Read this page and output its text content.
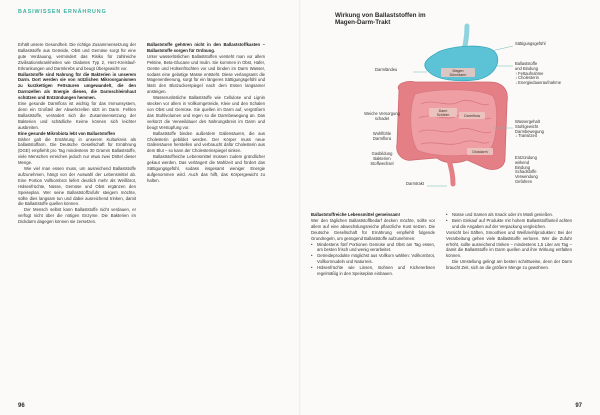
BASIWISSEN ERNÄHRUNG

Erhält unsere Gesundheit. Die richtige Zusammensetzung der Ballaststoffe aus Getreide, Obst und Gemüse sorgt für eine gute Verdauung, vermindert das Risiko für zahlreiche Zivilisationskrankheiten wie Diabetes Typ 2, Herz-Kreislauf-Erkrankungen und Darmkrebs und beugt Übergewicht vor.

Ballaststoffe sind Nahrung für die Bakterien in unserem Darm. Dort werden sie von nützlichen Mikroorganismen zu kurzkettigen Fettsäuren umgewandelt, die den Darmzellen als Energie dienen, die Darmschleimhaut schützen und Entzündungen hemmen.

Eine gesunde Darmflora ist wichtig für das Immunsystem, denn ein Großteil der Abwehrzellen sitzt im Darm. Fehlen Ballaststoffe, verändert sich die Zusammensetzung der Bakterien und schädliche Keime können sich leichter ausbreiten.

Eine gesunde Mikrobiota lebt von Ballaststoffen

Bisher galt die Ernährung in unserem Kulturkreis als ballaststoffarm. Die Deutsche Gesellschaft für Ernährung (DGE) empfiehlt pro Tag mindestens 30 Gramm Ballaststoffe, viele Menschen erreichen jedoch nur etwa zwei Drittel dieser Menge.

Wie viel man essen muss, um ausreichend Ballaststoffe aufzunehmen, hängt von der Auswahl der Lebensmittel ab. Eine Portion Vollkornbrot liefert deutlich mehr als Weißbrot, Hülsenfrüchte, Nüsse, Gemüse und Obst ergänzen den Speiseplan. Wer seine Ballaststoffzufuhr steigern möchte, sollte dies langsam tun und dabei ausreichend trinken, damit die Ballaststoffe quellen können.

Der Mensch selbst kann Ballaststoffe nicht verdauen, er verfügt nicht über die nötigen Enzyme. Die Bakterien im Dickdarm dagegen können sie zersetzen.

Ballaststoffe gehören nicht in den Ballaststoffkasten – Ballaststoffe sorgen für Ordnung.

Unter wasserlöslichen Ballaststoffen versteht man vor allem Pektine, Beta-Glucane und Inulin. Sie kommen in Obst, Hafer, Gerste und Hülsenfrüchten vor und binden im Darm Wasser, sodass eine gelartige Masse entsteht. Diese verlangsamt die Magenentleerung, sorgt für ein längeres Sättigungsgefühl und lässt den Blutzuckerspiegel nach dem Essen langsamer ansteigen.

Wasserunlösliche Ballaststoffe wie Cellulose und Lignin stecken vor allem in Vollkorngetreide, Kleie und den Schalen von Obst und Gemüse. Sie quellen im Darm auf, vergrößern das Stuhlvolumen und regen so die Darmbewegung an. Das verkürzt die Verweildauer des Nahrungsbreis im Darm und beugt Verstopfung vor.

Ballaststoffe binden außerdem Gallensäuren, die aus Cholesterin gebildet werden. Der Körper muss neue Gallensäuren herstellen und verbraucht dafür Cholesterin aus dem Blut – so kann der Cholesterinspiegel sinken.

Ballaststoffreiche Lebensmittel müssen zudem gründlicher gekaut werden. Das verlängert die Mahlzeit und fördert das Sättigungsgefühl, sodass insgesamt weniger Energie aufgenommen wird. Auch das hilft, das Körpergewicht zu halten.

96
Wirkung von Ballaststoffen im
Magen-Darm-Trakt
Sättigungsgefühl
Ballaststoffe
und Bindung
↑ Fettaufnahme
↓ Cholesterin
↓ Energiedaueraufnahme
Wassergehalt
Stuhlgewicht
Darmbewegung
↓ Transitzeit
Darmländeu
Weiche Versorgung
schadet
Wohlfühle
Darmflora
Gasbildung
Bakterien
Stoffwechsel
Darmtrakt
Entzündung
wirkend
Bindung
Schadstoffe
Verwendung
Gefahren
Magen
Dünndarm
Darm
Schleim	Darmflora
Dickdarm

Ballaststoffreiche Lebensmittel gemeinsam!

Wer den täglichen Ballaststoffbedarf decken möchte, sollte vor allem auf eine abwechslungsreiche pflanzliche Kost setzen. Die Deutsche Gesellschaft für Ernährung empfiehlt folgende Grundregeln, um genügend Ballaststoffe aufzunehmen:

• Mindestens fünf Portionen Gemüse und Obst am Tag essen, am besten frisch und wenig verarbeitet.
• Getreideprodukte möglichst aus Vollkorn wählen: Vollkornbrot, Vollkornnudeln und Naturreis.
• Hülsenfrüchte wie Linsen, Bohnen und Kichererbsen regelmäßig in den Speiseplan einbauen.
• Nüsse und Samen als Snack oder im Müsli genießen.
• Beim Einkauf auf Produkte mit hohem Ballaststoffanteil achten und die Angaben auf der Verpackung vergleichen.

Vorsicht bei Säften, Smoothies und Weißmehlprodukten: Bei der Verarbeitung gehen viele Ballaststoffe verloren. Wer die Zufuhr erhöht, sollte ausreichend trinken – mindestens 1,5 Liter am Tag – damit die Ballaststoffe im Darm quellen und ihre Wirkung entfalten können.

Die Umstellung gelingt am besten schrittweise, denn der Darm braucht Zeit, sich an die größere Menge zu gewöhnen.

97
